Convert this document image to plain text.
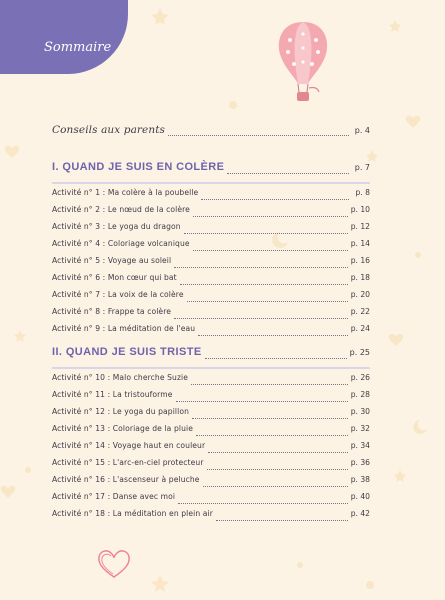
Sommaire
Conseils aux parents	p. 4
I. QUAND JE SUIS EN COLÈRE	p. 7
Activité n° 1 : Ma colère à la poubelle	p. 8
Activité n° 2 : Le nœud de la colère	p. 10
Activité n° 3 : Le yoga du dragon	p. 12
Activité n° 4 : Coloriage volcanique	p. 14
Activité n° 5 : Voyage au soleil	p. 16
Activité n° 6 : Mon cœur qui bat	p. 18
Activité n° 7 : La voix de la colère	p. 20
Activité n° 8 : Frappe ta colère	p. 22
Activité n° 9 : La méditation de l'eau	p. 24
II. QUAND JE SUIS TRISTE	p. 25
Activité n° 10 : Malo cherche Suzie	p. 26
Activité n° 11 : La tristouforme	p. 28
Activité n° 12 : Le yoga du papillon	p. 30
Activité n° 13 : Coloriage de la pluie	p. 32
Activité n° 14 : Voyage haut en couleur	p. 34
Activité n° 15 : L'arc-en-ciel protecteur	p. 36
Activité n° 16 : L'ascenseur à peluche	p. 38
Activité n° 17 : Danse avec moi	p. 40
Activité n° 18 : La méditation en plein air	p. 42
